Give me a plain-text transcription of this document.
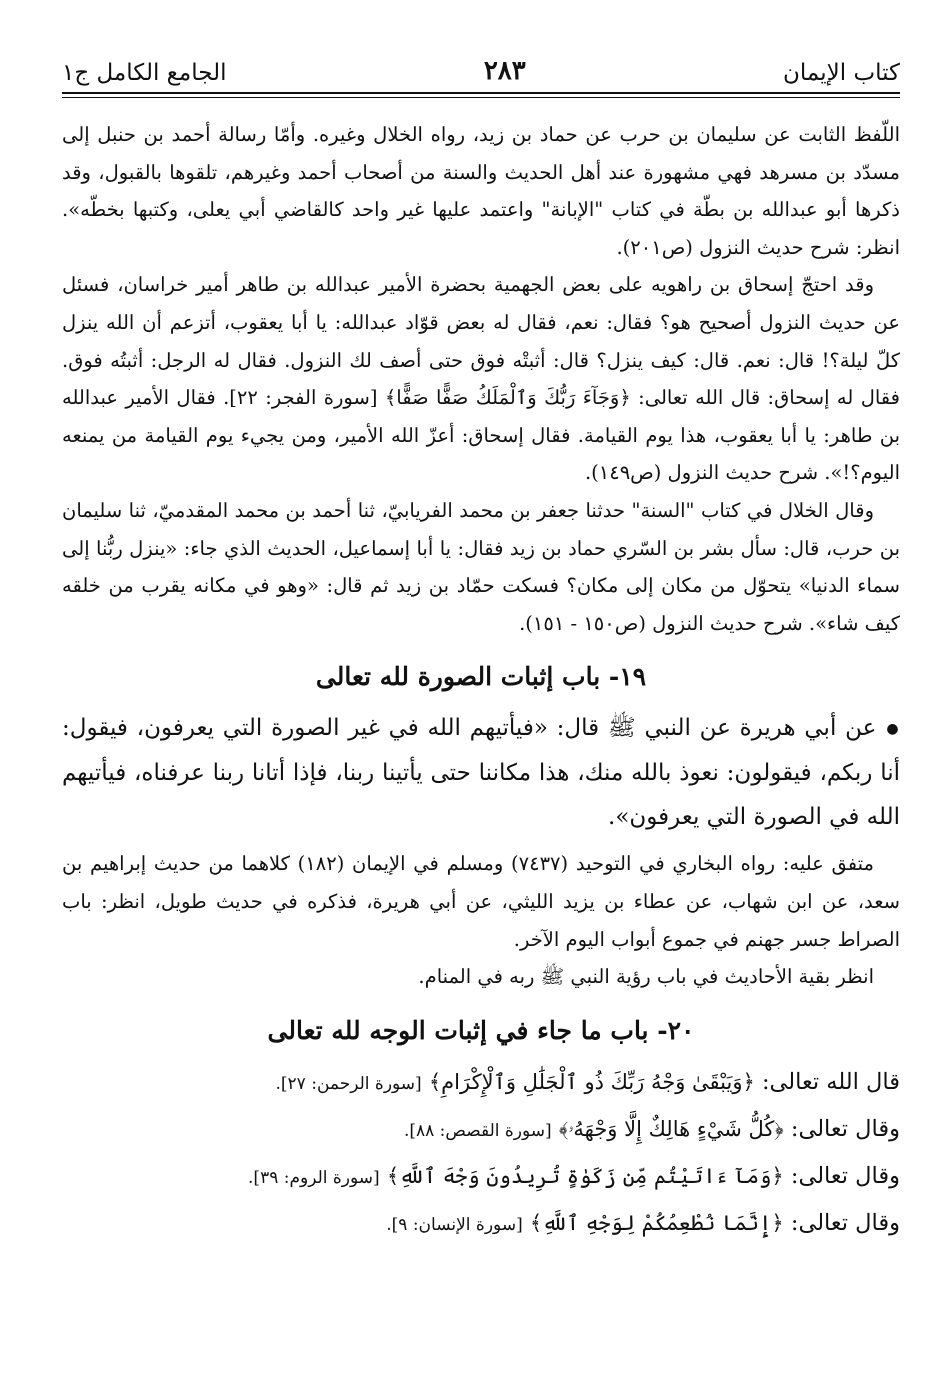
كتاب الإيمان
٢٨٣
الجامع الكامل ج١

اللّفظ الثابت عن سليمان بن حرب عن حماد بن زيد، رواه الخلال وغيره. وأمّا رسالة أحمد بن حنبل إلى مسدّد بن مسرهد فهي مشهورة عند أهل الحديث والسنة من أصحاب أحمد وغيرهم، تلقوها بالقبول، وقد ذكرها أبو عبدالله بن بطّة في كتاب "الإبانة" واعتمد عليها غير واحد كالقاضي أبي يعلى، وكتبها بخطّه». انظر: شرح حديث النزول (ص٢٠١).

وقد احتجّ إسحاق بن راهويه على بعض الجهمية بحضرة الأمير عبدالله بن طاهر أمير خراسان، فسئل عن حديث النزول أصحيح هو؟ فقال: نعم، فقال له بعض قوّاد عبدالله: يا أبا يعقوب، أتزعم أن الله ينزل كلّ ليلة؟! قال: نعم. قال: كيف ينزل؟ قال: أثبتْه فوق حتى أصف لك النزول. فقال له الرجل: أثبتُه فوق. فقال له إسحاق: قال الله تعالى: ﴿وَجَآءَ رَبُّكَ وَٱلْمَلَكُ صَفًّا صَفًّا﴾ [سورة الفجر: ٢٢]. فقال الأمير عبدالله بن طاهر: يا أبا يعقوب، هذا يوم القيامة. فقال إسحاق: أعزّ الله الأمير، ومن يجيء يوم القيامة من يمنعه اليوم؟!». شرح حديث النزول (ص١٤٩).

وقال الخلال في كتاب "السنة" حدثنا جعفر بن محمد الفريابيّ، ثنا أحمد بن محمد المقدميّ، ثنا سليمان بن حرب، قال: سأل بشر بن السّري حماد بن زيد فقال: يا أبا إسماعيل، الحديث الذي جاء: «ينزل ربُّنا إلى سماء الدنيا» يتحوّل من مكان إلى مكان؟ فسكت حمّاد بن زيد ثم قال: «وهو في مكانه يقرب من خلقه كيف شاء». شرح حديث النزول (ص١٥٠ - ١٥١).

١٩- باب إثبات الصورة لله تعالى

●عن أبي هريرة عن النبي ﷺ قال: «فيأتيهم الله في غير الصورة التي يعرفون، فيقول: أنا ربكم، فيقولون: نعوذ بالله منك، هذا مكاننا حتى يأتينا ربنا، فإذا أتانا ربنا عرفناه، فيأتيهم الله في الصورة التي يعرفون».

متفق عليه: رواه البخاري في التوحيد (٧٤٣٧) ومسلم في الإيمان (١٨٢) كلاهما من حديث إبراهيم بن سعد، عن ابن شهاب، عن عطاء بن يزيد الليثي، عن أبي هريرة، فذكره في حديث طويل، انظر: باب الصراط جسر جهنم في جموع أبواب اليوم الآخر.

انظر بقية الأحاديث في باب رؤية النبي ﷺ ربه في المنام.

٢٠- باب ما جاء في إثبات الوجه لله تعالى

قال الله تعالى: ﴿وَيَبْقَىٰ وَجْهُ رَبِّكَ ذُو ٱلْجَلَٰلِ وَٱلْإِكْرَامِ﴾ [سورة الرحمن: ٢٧].

وقال تعالى: ﴿كُلُّ شَيْءٍ هَالِكٌ إِلَّا وَجْهَهُۥ﴾ [سورة القصص: ٨٨].

وقال تعالى: ﴿وَمَآ ءَاتَيْتُم مِّن زَكَوٰةٍ تُرِيدُونَ وَجْهَ ٱللَّهِ﴾ [سورة الروم: ٣٩].

وقال تعالى: ﴿إِنَّمَا نُطْعِمُكُمْ لِوَجْهِ ٱللَّهِ﴾ [سورة الإنسان: ٩].
